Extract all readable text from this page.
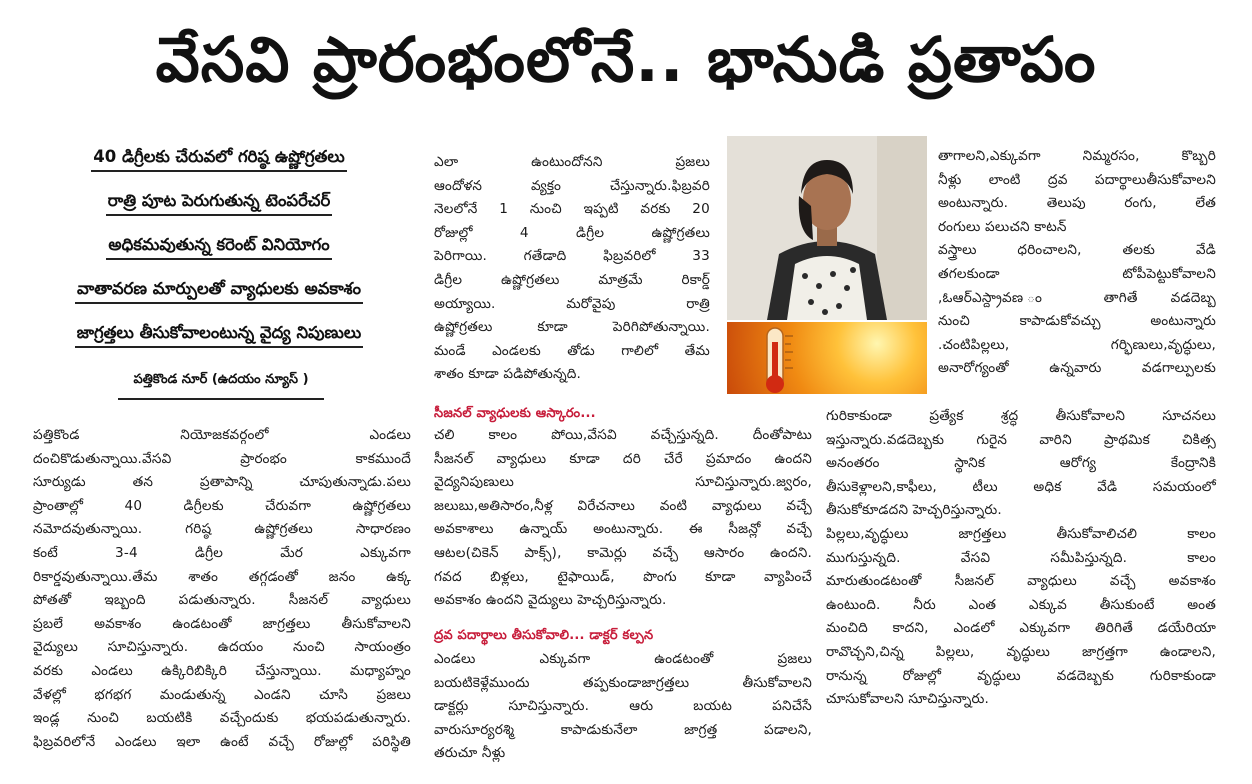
వేసవి ప్రారంభంలోనే.. భానుడి ప్రతాపం
40 డిగ్రీలకు చేరువలో గరిష్ఠ ఉష్ణోగ్రతలు
రాత్రి పూట పెరుగుతున్న టెంపరేచర్
అధికమవుతున్న కరెంట్ వినియోగం
వాతావరణ మార్పులతో వ్యాధులకు అవకాశం
జాగ్రత్తలు తీసుకోవాలంటున్న వైద్య నిపుణులు
పత్తికొండ నూర్ (ఉదయం న్యూస్ )

పత్తికొండ నియోజకవర్గంలో ఎండలు

దంచికొడుతున్నాయి.వేసవి ప్రారంభం కాకముందే

సూర్యుడు తన ప్రతాపాన్ని చూపుతున్నాడు.పలు

ప్రాంతాల్లో 40 డిగ్రీలకు చేరువగా ఉష్ణోగ్రతలు

నమోదవుతున్నాయి. గరిష్ఠ ఉష్ణోగ్రతలు సాధారణం

కంటే 3-4 డిగ్రీల మేర ఎక్కువగా

రికార్డవుతున్నాయి.తేమ శాతం తగ్గడంతో జనం ఉక్క

పోతతో ఇబ్బంది పడుతున్నారు. సీజనల్ వ్యాధులు

ప్రబలే అవకాశం ఉండటంతో జాగ్రత్తలు తీసుకోవాలని

వైద్యులు సూచిస్తున్నారు. ఉదయం నుంచి సాయంత్రం

వరకు ఎండలు ఉక్కిరిబిక్కిరి చేస్తున్నాయి. మధ్యాహ్నం

వేళల్లో భగభగ మండుతున్న ఎండని చూసి ప్రజలు

ఇండ్ల నుంచి బయటికి వచ్చేందుకు భయపడుతున్నారు.

ఫిబ్రవరిలోనే ఎండలు ఇలా ఉంటే వచ్చే రోజుల్లో పరిస్థితి

ఎలా ఉంటుందోనని ప్రజలు

ఆందోళన వ్యక్తం చేస్తున్నారు.ఫిబ్రవరి

నెలలోనే 1 నుంచి ఇప్పటి వరకు 20

రోజుల్లో 4 డిగ్రీల ఉష్ణోగ్రతలు

పెరిగాయి. గతేడాది ఫిబ్రవరిలో 33

డిగ్రీల ఉష్ణోగ్రతలు మాత్రమే రికార్డ్

అయ్యాయి. మరోవైపు రాత్రి

ఉష్ణోగ్రతలు కూడా పెరిగిపోతున్నాయి.

మండే ఎండలకు తోడు గాలిలో తేమ

శాతం కూడా పడిపోతున్నది.

సీజనల్ వ్యాధులకు ఆస్కారం...

చలి కాలం పోయి,వేసవి వచ్చేస్తున్నది. దీంతోపాటు

సీజనల్ వ్యాధులు కూడా దరి చేరే ప్రమాదం ఉందని

వైద్యనిపుణులు సూచిస్తున్నారు.జ్వరం,

జలుబు,అతిసారం,నీళ్ల విరేచనాలు వంటి వ్యాధులు వచ్చే

అవకాశాలు ఉన్నాయ్ అంటున్నారు. ఈ సీజన్లో వచ్చే

ఆటల(చికెన్ పాక్స్), కామెర్లు వచ్చే ఆసారం ఉందని.

గవద బిళ్లలు, టైఫాయిడ్, పొంగు కూడా వ్యాపించే

అవకాశం ఉందని వైద్యులు హెచ్చరిస్తున్నారు.

ద్రవ పదార్థాలు తీసుకోవాలి... డాక్టర్ కల్పన

ఎండలు ఎక్కువగా ఉండటంతో ప్రజలు

బయటికెళ్లేముందు తప్పకుండాజాగ్రత్తలు తీసుకోవాలని

డాక్టర్లు సూచిస్తున్నారు. ఆరు బయట పనిచేసే

వారుసూర్యరశ్మి కాపాడుకునేలా జాగ్రత్త పడాలని,

తరుచూ నీళ్లు

తాగాలని,ఎక్కువగా నిమ్మరసం, కొబ్బరి

నీళ్లు లాంటి ద్రవ పదార్థాలుతీసుకోవాలని

అంటున్నారు. తెలుపు రంగు, లేత

రంగులు పలుచని కాటన్

వస్త్రాలు ధరించాలని, తలకు వేడి

తగలకుండా టోపీపెట్టుకోవాలని

,ఓఆర్ఎస్ద్రావణ ం తాగితే వడదెబ్బ

నుంచి కాపాడుకోవచ్చు అంటున్నారు

.చంటిపిల్లలు, గర్భిణులు,వృద్ధులు,

అనారోగ్యంతో ఉన్నవారు వడగాల్పులకు

గురికాకుండా ప్రత్యేక శ్రద్ధ తీసుకోవాలని సూచనలు

ఇస్తున్నారు.వడదెబ్బకు గురైన వారిని ప్రాథమిక చికిత్స

అనంతరం స్థానిక ఆరోగ్య కేంద్రానికి

తీసుకెళ్లాలని,కాఫీలు, టీలు అధిక వేడి సమయంలో

తీసుకోకూడదని హెచ్చరిస్తున్నారు.

పిల్లలు,వృద్ధులు జాగ్రత్తలు తీసుకోవాలిచలి కాలం

ముగుస్తున్నది. వేసవి సమీపిస్తున్నది. కాలం

మారుతుండటంతో సీజనల్ వ్యాధులు వచ్చే అవకాశం

ఉంటుంది. నీరు ఎంత ఎక్కువ తీసుకుంటే అంత

మంచిది కాదని, ఎండలో ఎక్కువగా తిరిగితే డయేరియా

రావొచ్చని,చిన్న పిల్లలు, వృద్ధులు జాగ్రత్తగా ఉండాలని,

రానున్న రోజుల్లో వృద్ధులు వడదెబ్బకు గురికాకుండా

చూసుకోవాలని సూచిస్తున్నారు.
